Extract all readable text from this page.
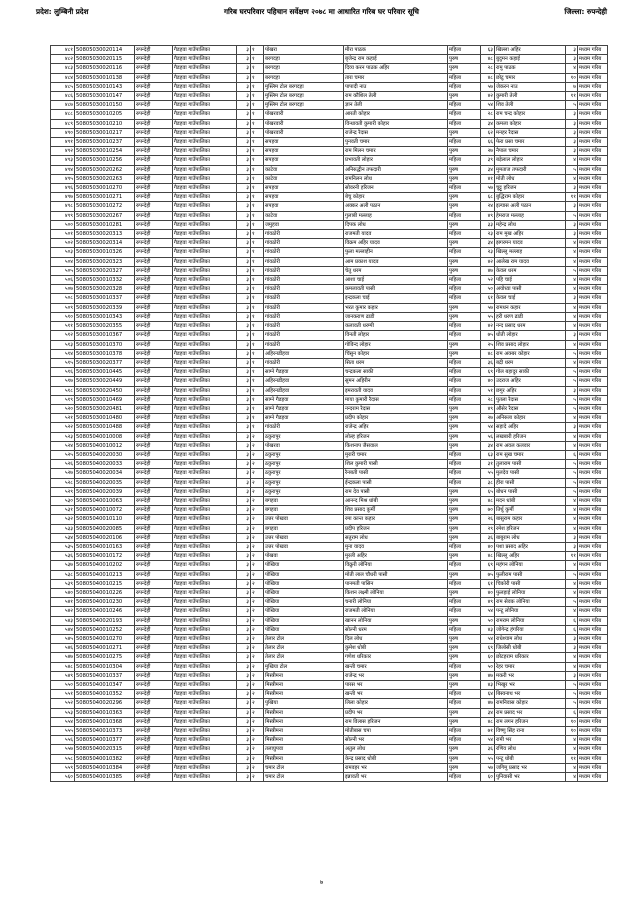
प्रदेश: लुम्बिनी प्रदेश	गरिब घरपरिवार पहिचान सर्वेक्षण २०७८ मा आधारित गरिब घर परिवार सूचि	जिल्ला: रुपन्देही
४८१	50805030020114	रुपन्देही	गैडहवा गाउँपालिका	३	१	पोखरा	मीरा पाठक	महिला	६३	खिल्ला अहिर	३	मध्यम गरिब
४८२	50805030020115	रुपन्देही	गैडहवा गाउँपालिका	३	१	बरगदहा	बृजेन्द्र राम कहाई	पुरुष	४८	बुदुमन कहाई	३	मध्यम गरिब
४८३	50805030020116	रुपन्देही	गैडहवा गाउँपालिका	३	१	बरगदहा	दिव्य करन पाठक अहिर	पुरुष	२८	रामु पाठक	४	मध्यम गरिब
४८४	50805030010138	रुपन्देही	गैडहवा गाउँपालिका	३	१	बरगदहा	तारा चमार	महिला	४८	छोटु चमार	१०	मध्यम गरिब
४८५	50805030010143	रुपन्देही	गैडहवा गाउँपालिका	३	१	मुस्लिम टोल बरगदहा	पापादी नाउ	महिला	५७	जेकरन नाउ	७	मध्यम गरिब
४८६	50805030010147	रुपन्देही	गैडहवा गाउँपालिका	३	१	मुस्लिम टोल बरगदहा	राम कौशिल तेली	पुरुष	४२	कुमारी तेली	११	मध्यम गरिब
४८७	50805030010150	रुपन्देही	गैडहवा गाउँपालिका	३	१	मुस्लिम टोल बरगदहा	ज्ञान तेली	महिला	५४	शिव तेली	५	मध्यम गरिब
४८८	50805030010205	रुपन्देही	गैडहवा गाउँपालिका	३	१	पोखरवारी	आरती कोहार	महिला	२८	राम चन्द्र कोहार	३	मध्यम गरिब
४८९	50805030010210	रुपन्देही	गैडहवा गाउँपालिका	३	१	पोखरवारी	विन्धावती कुमारी कोहार	महिला	३४	कमला कोहार	३	मध्यम गरिब
४९०	50805030010217	रुपन्देही	गैडहवा गाउँपालिका	३	१	पोखरवारी	राजेन्द्र रैदास	पुरुष	६२	मनहर रैदास	३	मध्यम गरिब
४९१	50805030010237	रुपन्देही	गैडहवा गाउँपालिका	३	१	सपहवा	पुनवती चमार	महिला	६६	फेरा प्रसा चमार	३	मध्यम गरिब
४९२	50805030010254	रुपन्देही	गैडहवा गाउँपालिका	३	१	सपहवा	राम मिलन चमार	पुरुष	२७	नैपाल चमार	३	मध्यम गरिब
४९३	50805030010256	रुपन्देही	गैडहवा गाउँपालिका	३	१	सपहवा	प्रभावती लोहार	महिला	३९	बड़ेलाल लोहार	४	मध्यम गरिब
४९४	50805030020262	रुपन्देही	गैडहवा गाउँपालिका	३	१	काटेवा	अनिरुद्धीन तफदारी	पुरुष	३४	मुमताज तफदारी	५	मध्यम गरिब
४९५	50805030020263	रुपन्देही	गैडहवा गाउँपालिका	३	१	काटेवा	रामनिलन लोध	पुरुष	४१	मोती लोध	४	मध्यम गरिब
४९६	50805030010270	रुपन्देही	गैडहवा गाउँपालिका	३	१	सपहवा	सोवरनी हरिजन	महिला	५७	चुट्टू हरिजन	३	मध्यम गरिब
४९७	50805030010271	रुपन्देही	गैडहवा गाउँपालिका	३	१	सपहवा	बेचु कोहार	पुरुष	६८	बुद्धिराम कोहार	११	मध्यम गरिब
४९८	50805030010272	रुपन्देही	गैडहवा गाउँपालिका	३	१	सपहवा	अक्कर अली पठान	पुरुष	२४	इल्यास अली पठान	३	मध्यम गरिब
४९९	50805030020267	रुपन्देही	गैडहवा गाउँपालिका	३	१	काटेवा	गुलाबी मल्लाह	महिला	४९	हेमराज मल्लाह	५	मध्यम गरिब
५००	50805030010281	रुपन्देही	गैडहवा गाउँपालिका	३	१	जमुहवा	दिपक लोध	पुरुष	३३	महेन्द्र लोध	३	मध्यम गरिब
५०१	50805030020313	रुपन्देही	गैडहवा गाउँपालिका	३	१	गांवठोरी	राजमती यादव	महिला	२३	राम मुख अहिर	३	मध्यम गरिब
५०२	50805030020314	रुपन्देही	गैडहवा गाउँपालिका	३	१	गांवठोरी	विक्रम अहिर यादव	पुरुष	३४	झगरमन यादव	४	मध्यम गरिब
५०३	50805030010326	रुपन्देही	गैडहवा गाउँपालिका	३	१	गांवठोरी	फुला मल्लाहीन	महिला	२३	खिल्लु मल्लाह	४	मध्यम गरिब
५०४	50805030020323	रुपन्देही	गैडहवा गाउँपालिका	३	१	गांवठोरी	आम प्रकाश यादव	पुरुष	४२	आलेख राम यादव	४	मध्यम गरिब
५०५	50805030020327	रुपन्देही	गैडहवा गाउँपालिका	३	१	गांवठोरी	चेतु धरम	पुरुष	४७	केवल धरम	५	मध्यम गरिब
५०६	50805030010332	रुपन्देही	गैडहवा गाउँपालिका	३	१	गांवठोरी	आशा चाई	महिला	५२	पहि चाई	४	मध्यम गरिब
५०७	50805030020328	रुपन्देही	गैडहवा गाउँपालिका	३	१	गांवठोरी	कमलावती पासी	महिला	५०	अयोध्या पासी	४	मध्यम गरिब
५०८	50805030010337	रुपन्देही	गैडहवा गाउँपालिका	३	१	गांवठोरी	इन्द्रकला चाई	महिला	६१	केवल चाई	३	मध्यम गरिब
५०९	50805030020339	रुपन्देही	गैडहवा गाउँपालिका	३	१	गांवठोरी	भरत कुमार कहार	पुरुष	५७	रामधन कहार	४	मध्यम गरिब
५१०	50805030010343	रुपन्देही	गैडहवा गाउँपालिका	३	१	गांवठोरी	जानकराण ढाडी	पुरुष	५५	हरी धरण ढाडी	४	मध्यम गरिब
५११	50805030020355	रुपन्देही	गैडहवा गाउँपालिका	३	१	गांवठोरी	कलावती धरम्पी	महिला	४२	नन्द प्रसाद धरम	४	मध्यम गरिब
५१२	50805030010367	रुपन्देही	गैडहवा गाउँपालिका	३	१	गांवठोरी	विनती लोहार	महिला	७५	धोती लोहार	३	मध्यम गरिब
५१३	50805030010370	रुपन्देही	गैडहवा गाउँपालिका	३	१	गांवठोरी	गोविन्द लोहार	पुरुष	२५	शिव प्रसाद लोहार	४	मध्यम गरिब
५१४	50805030010378	रुपन्देही	गैडहवा गाउँपालिका	३	१	अहिरनडीहवा	चिंसुन कोहार	पुरुष	४८	राम अक्बर कोहार	५	मध्यम गरिब
५१५	50805030020377	रुपन्देही	गैडहवा गाउँपालिका	३	१	गांवठोरी	सिता धरम	महिला	३६	बद्री धरम	४	मध्यम गरिब
५१६	50805030010445	रुपन्देही	गैडहवा गाउँपालिका	३	१	साग्ने गैडहवा	चन्द्रकला साकी	महिला	६९	गोल बहादुर साकी	५	मध्यम गरिब
५१७	50805030020449	रुपन्देही	गैडहवा गाउँपालिका	३	१	अहिरनडीहवा	सुमन अहिरीन	महिला	४०	उदराज अहिर	५	मध्यम गरिब
५१८	50805030020450	रुपन्देही	गैडहवा गाउँपालिका	३	१	अहिरनडीहवा	इमरावती यादव	महिला	५१	छगुर अहिर	३	मध्यम गरिब
५१९	50805030010469	रुपन्देही	गैडहवा गाउँपालिका	३	१	साग्ने गैडहवा	माया कुमारी रैदास	महिला	२८	पुतला रैदास	५	मध्यम गरिब
५२०	50805030020481	रुपन्देही	गैडहवा गाउँपालिका	३	१	साग्ने गैडहवा	नन्दराम रैदास	पुरुष	४९	औसेर रैदास	५	मध्यम गरिब
५२१	50805030010480	रुपन्देही	गैडहवा गाउँपालिका	३	१	साग्ने गैडहवा	प्रदीप कोहार	पुरुष	२७	अनिरुला कोहार	४	मध्यम गरिब
५२२	50805030010488	रुपन्देही	गैडहवा गाउँपालिका	३	१	गांवठोरी	राजेन्द्र अहिर	पुरुष	५४	सहादे अहिर	३	मध्यम गरिब
५२३	50805040010008	रुपन्देही	गैडहवा गाउँपालिका	३	२	ठकुरापुर	लोल्ह हरिजन	पुरुष	५६	लखबारी हरिजन	४	मध्यम गरिब
५२४	50805040010012	रुपन्देही	गैडहवा गाउँपालिका	३	२	पोखरवा	किशनाप जैसवाल	पुरुष	३४	राम अवल कलवार	४	मध्यम गरिब
५२५	50805040020030	रुपन्देही	गैडहवा गाउँपालिका	३	२	ठकुरापुर	मुरारी चमार	महिला	६३	राम सुख चमार	६	मध्यम गरिब
५२६	50805040020033	रुपन्देही	गैडहवा गाउँपालिका	३	२	ठकुरापुर	शिल कुमारी पासी	महिला	३१	तुलाराम पासी	५	मध्यम गरिब
५२७	50805040020034	रुपन्देही	गैडहवा गाउँपालिका	३	२	ठकुरापुर	रैनबती पासी	महिला	५५	मुलदेव पासी	५	मध्यम गरिब
५२८	50805040020035	रुपन्देही	गैडहवा गाउँपालिका	३	२	ठकुरापुर	ईन्द्रकला पासी	महिला	३८	हीरा पासी	५	मध्यम गरिब
५२९	50805040020039	रुपन्देही	गैडहवा गाउँपालिका	३	२	ठकुरापुर	राम देव पासी	पुरुष	६५	बोधन पासी	५	मध्यम गरिब
५३०	50805040010063	रुपन्देही	गैडहवा गाउँपालिका	३	२	बगहवा	आनन्द मिश्र धांबी	पुरुष	४८	मदन धांबी	४	मध्यम गरिब
५३१	50805040010072	रुपन्देही	गैडहवा गाउँपालिका	३	२	बगहवा	शिव प्रसाद कुर्मी	पुरुष	७०	तिर्थु कुर्मी	४	मध्यम गरिब
५३२	50805040010110	रुपन्देही	गैडहवा गाउँपालिका	३	२	उत्तर पोखवा	रमा कान्त कहार	पुरुष	२६	बासुराम कहार	४	मध्यम गरिब
५३३	50805040020085	रुपन्देही	गैडहवा गाउँपालिका	३	२	बगहवा	प्रदीप हरिजन	पुरुष	२९	रमेश हरिजन	४	मध्यम गरिब
५३४	50805040020106	रुपन्देही	गैडहवा गाउँपालिका	३	२	उत्तर पोखवा	सतुराम लोध	पुरुष	३६	बाबुराम लोध	३	मध्यम गरिब
५३५	50805040010163	रुपन्देही	गैडहवा गाउँपालिका	३	२	उत्तर पोखवा	मुना यादव	महिला	४०	पशा प्रसाद अहिर	३	मध्यम गरिब
५३६	50805040010172	रुपन्देही	गैडहवा गाउँपालिका	३	२	पोखवा	मुरली अहिर	पुरुष	४८	खिल्लु अहिर	११	मध्यम गरिब
५३७	50805040010202	रुपन्देही	गैडहवा गाउँपालिका	३	२	पोखिया	विक्रुरी लोनिया	महिला	६९	महंगन लोनिया	४	मध्यम गरिब
५३८	50805040010213	रुपन्देही	गैडहवा गाउँपालिका	३	२	पोखिया	मोती लाल चौधरी पासी	पुरुष	७५	फुलीराम पासी	५	मध्यम गरिब
५३९	50805040010215	रुपन्देही	गैडहवा गाउँपालिका	३	२	पोखिया	पानमती पासिन	महिला	६१	चिकोरी पासी	४	मध्यम गरिब
५४०	50805040010226	रुपन्देही	गैडहवा गाउँपालिका	३	२	पोखिया	किशन लक्ष्मी लोनिया	पुरुष	४०	फुलहाई लोनिया	४	मध्यम गरिब
५४१	50805040010230	रुपन्देही	गैडहवा गाउँपालिका	३	२	पोखिया	चनारी लोनिया	महिला	४९	राम सेवक लोनिया	५	मध्यम गरिब
५४२	50805040010246	रुपन्देही	गैडहवा गाउँपालिका	३	२	पोखिया	राजमती लोनिया	महिला	५४	पन्टू लोनिया	४	मध्यम गरिब
५४३	50805040020193	रुपन्देही	गैडहवा गाउँपालिका	३	२	पोखिया	खानन लोनिया	पुरुष	५०	रामराम लोनिया	६	मध्यम गरिब
५४४	50805040010252	रुपन्देही	गैडहवा गाउँपालिका	३	२	पोखिया	सोल्नी धरम	महिला	४३	जोगेन्द्र हंगरिया	६	मध्यम गरिब
५४५	50805040010270	रुपन्देही	गैडहवा गाउँपालिका	३	२	तेलार टोल	दिल लोध	पुरुष	५४	राधेश्याम लोध	३	मध्यम गरिब
५४६	50805040010271	रुपन्देही	गैडहवा गाउँपालिका	३	२	तेलार टोल	कुमेश धोबी	पुरुष	६९	जिलोसी धोबी	३	मध्यम गरिब
५४७	50805040010275	रुपन्देही	गैडहवा गाउँपालिका	३	२	तेलार टोल	गणेश धरिकार	पुरुष	६०	छोटहराम धरिकार	४	मध्यम गरिब
५४८	50805040010304	रुपन्देही	गैडहवा गाउँपालिका	३	२	मुखिया टोल	खन्ती चमार	महिला	५०	रेहर चमार	४	मध्यम गरिब
५४९	50805040010337	रुपन्देही	गैडहवा गाउँपालिका	३	२	मिस्त्रीमना	राजेन्द्र भर	पुरुष	४७	मकरी भर	३	मध्यम गरिब
५५०	50805040010347	रुपन्देही	गैडहवा गाउँपालिका	३	२	मिस्त्रीमना	पारस भर	पुरुष	४३	भिखुर भर	५	मध्यम गरिब
५५१	50805040010352	रुपन्देही	गैडहवा गाउँपालिका	३	२	मिस्त्रीमना	खन्ती भर	महिला	६४	बिस्वनाथ भर	५	मध्यम गरिब
५५२	50805040020296	रुपन्देही	गैडहवा गाउँपालिका	३	२	पुखिया	लिला कोहार	महिला	४७	रामनिवास कोहार	५	मध्यम गरिब
५५३	50805040010363	रुपन्देही	गैडहवा गाउँपालिका	३	२	मिस्त्रीमना	प्रदीप भर	पुरुष	३४	राम प्रसाद भर	६	मध्यम गरिब
५५४	50805040010368	रुपन्देही	गैडहवा गाउँपालिका	३	२	मिस्त्रीमना	राम विलास हरिजन	पुरुष	४८	राम लगन हरिजन	१०	मध्यम गरिब
५५५	50805040010373	रुपन्देही	गैडहवा गाउँपालिका	३	२	मिस्त्रीमना	मोतीबास चपा	महिला	७१	विष्णु सिंह राना	१०	मध्यम गरिब
५५६	50805040010377	रुपन्देही	गैडहवा गाउँपालिका	३	२	मिस्त्रीमना	सोल्नी भर	महिला	५४	रामी भर	४	मध्यम गरिब
५५७	50805040020315	रुपन्देही	गैडहवा गाउँपालिका	३	२	तलाघुपवा	अतुल लोध	पुरुष	३६	रणिव लोध	४	मध्यम गरिब
५५८	50805040010382	रुपन्देही	गैडहवा गाउँपालिका	३	२	मिस्त्रीमना	केन्द्र प्रसाद धोबी	पुरुष	५५	पन्टू धोबी	११	मध्यम गरिब
५५९	50805040010384	रुपन्देही	गैडहवा गाउँपालिका	३	२	चमार टोल	रामवहर भर	पुरुष	५७	जगिमू प्रसाद भर	४	मध्यम गरिब
५६०	50805040010385	रुपन्देही	गैडहवा गाउँपालिका	३	२	चमार टोल	इन्नावती भर	महिला	६०	पुनिवासी भर	४	मध्यम गरिब
७
